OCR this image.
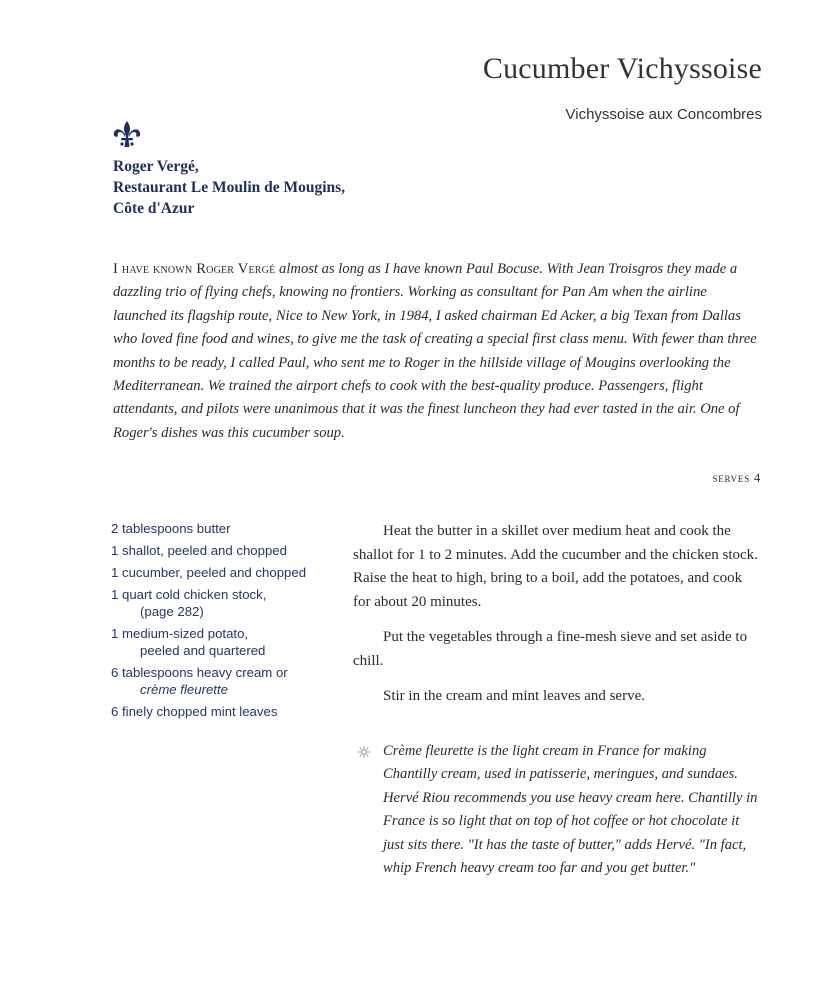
Cucumber Vichyssoise
Vichyssoise aux Concombres
Roger Vergé,
Restaurant Le Moulin de Mougins,
Côte d'Azur

I have known Roger Vergé almost as long as I have known Paul Bocuse. With Jean Troisgros they made a dazzling trio of flying chefs, knowing no frontiers. Working as consultant for Pan Am when the airline launched its flagship route, Nice to New York, in 1984, I asked chairman Ed Acker, a big Texan from Dallas who loved fine food and wines, to give me the task of creating a special first class menu. With fewer than three months to be ready, I called Paul, who sent me to Roger in the hillside village of Mougins overlooking the Mediterranean. We trained the airport chefs to cook with the best-quality produce. Passengers, flight attendants, and pilots were unanimous that it was the finest luncheon they had ever tasted in the air. One of Roger's dishes was this cucumber soup.

serves 4
2 tablespoons butter
1 shallot, peeled and chopped
1 cucumber, peeled and chopped
1 quart cold chicken stock,
(page 282)
1 medium-sized potato,
peeled and quartered
6 tablespoons heavy cream or
crème fleurette
6 finely chopped mint leaves

Heat the butter in a skillet over medium heat and cook the shallot for 1 to 2 minutes. Add the cucumber and the chicken stock. Raise the heat to high, bring to a boil, add the potatoes, and cook for about 20 minutes.

Put the vegetables through a fine-mesh sieve and set aside to chill.

Stir in the cream and mint leaves and serve.

Crème fleurette is the light cream in France for making Chantilly cream, used in patisserie, meringues, and sundaes. Hervé Riou recommends you use heavy cream here. Chantilly in France is so light that on top of hot coffee or hot chocolate it just sits there. "It has the taste of butter," adds Hervé. "In fact, whip French heavy cream too far and you get butter."
